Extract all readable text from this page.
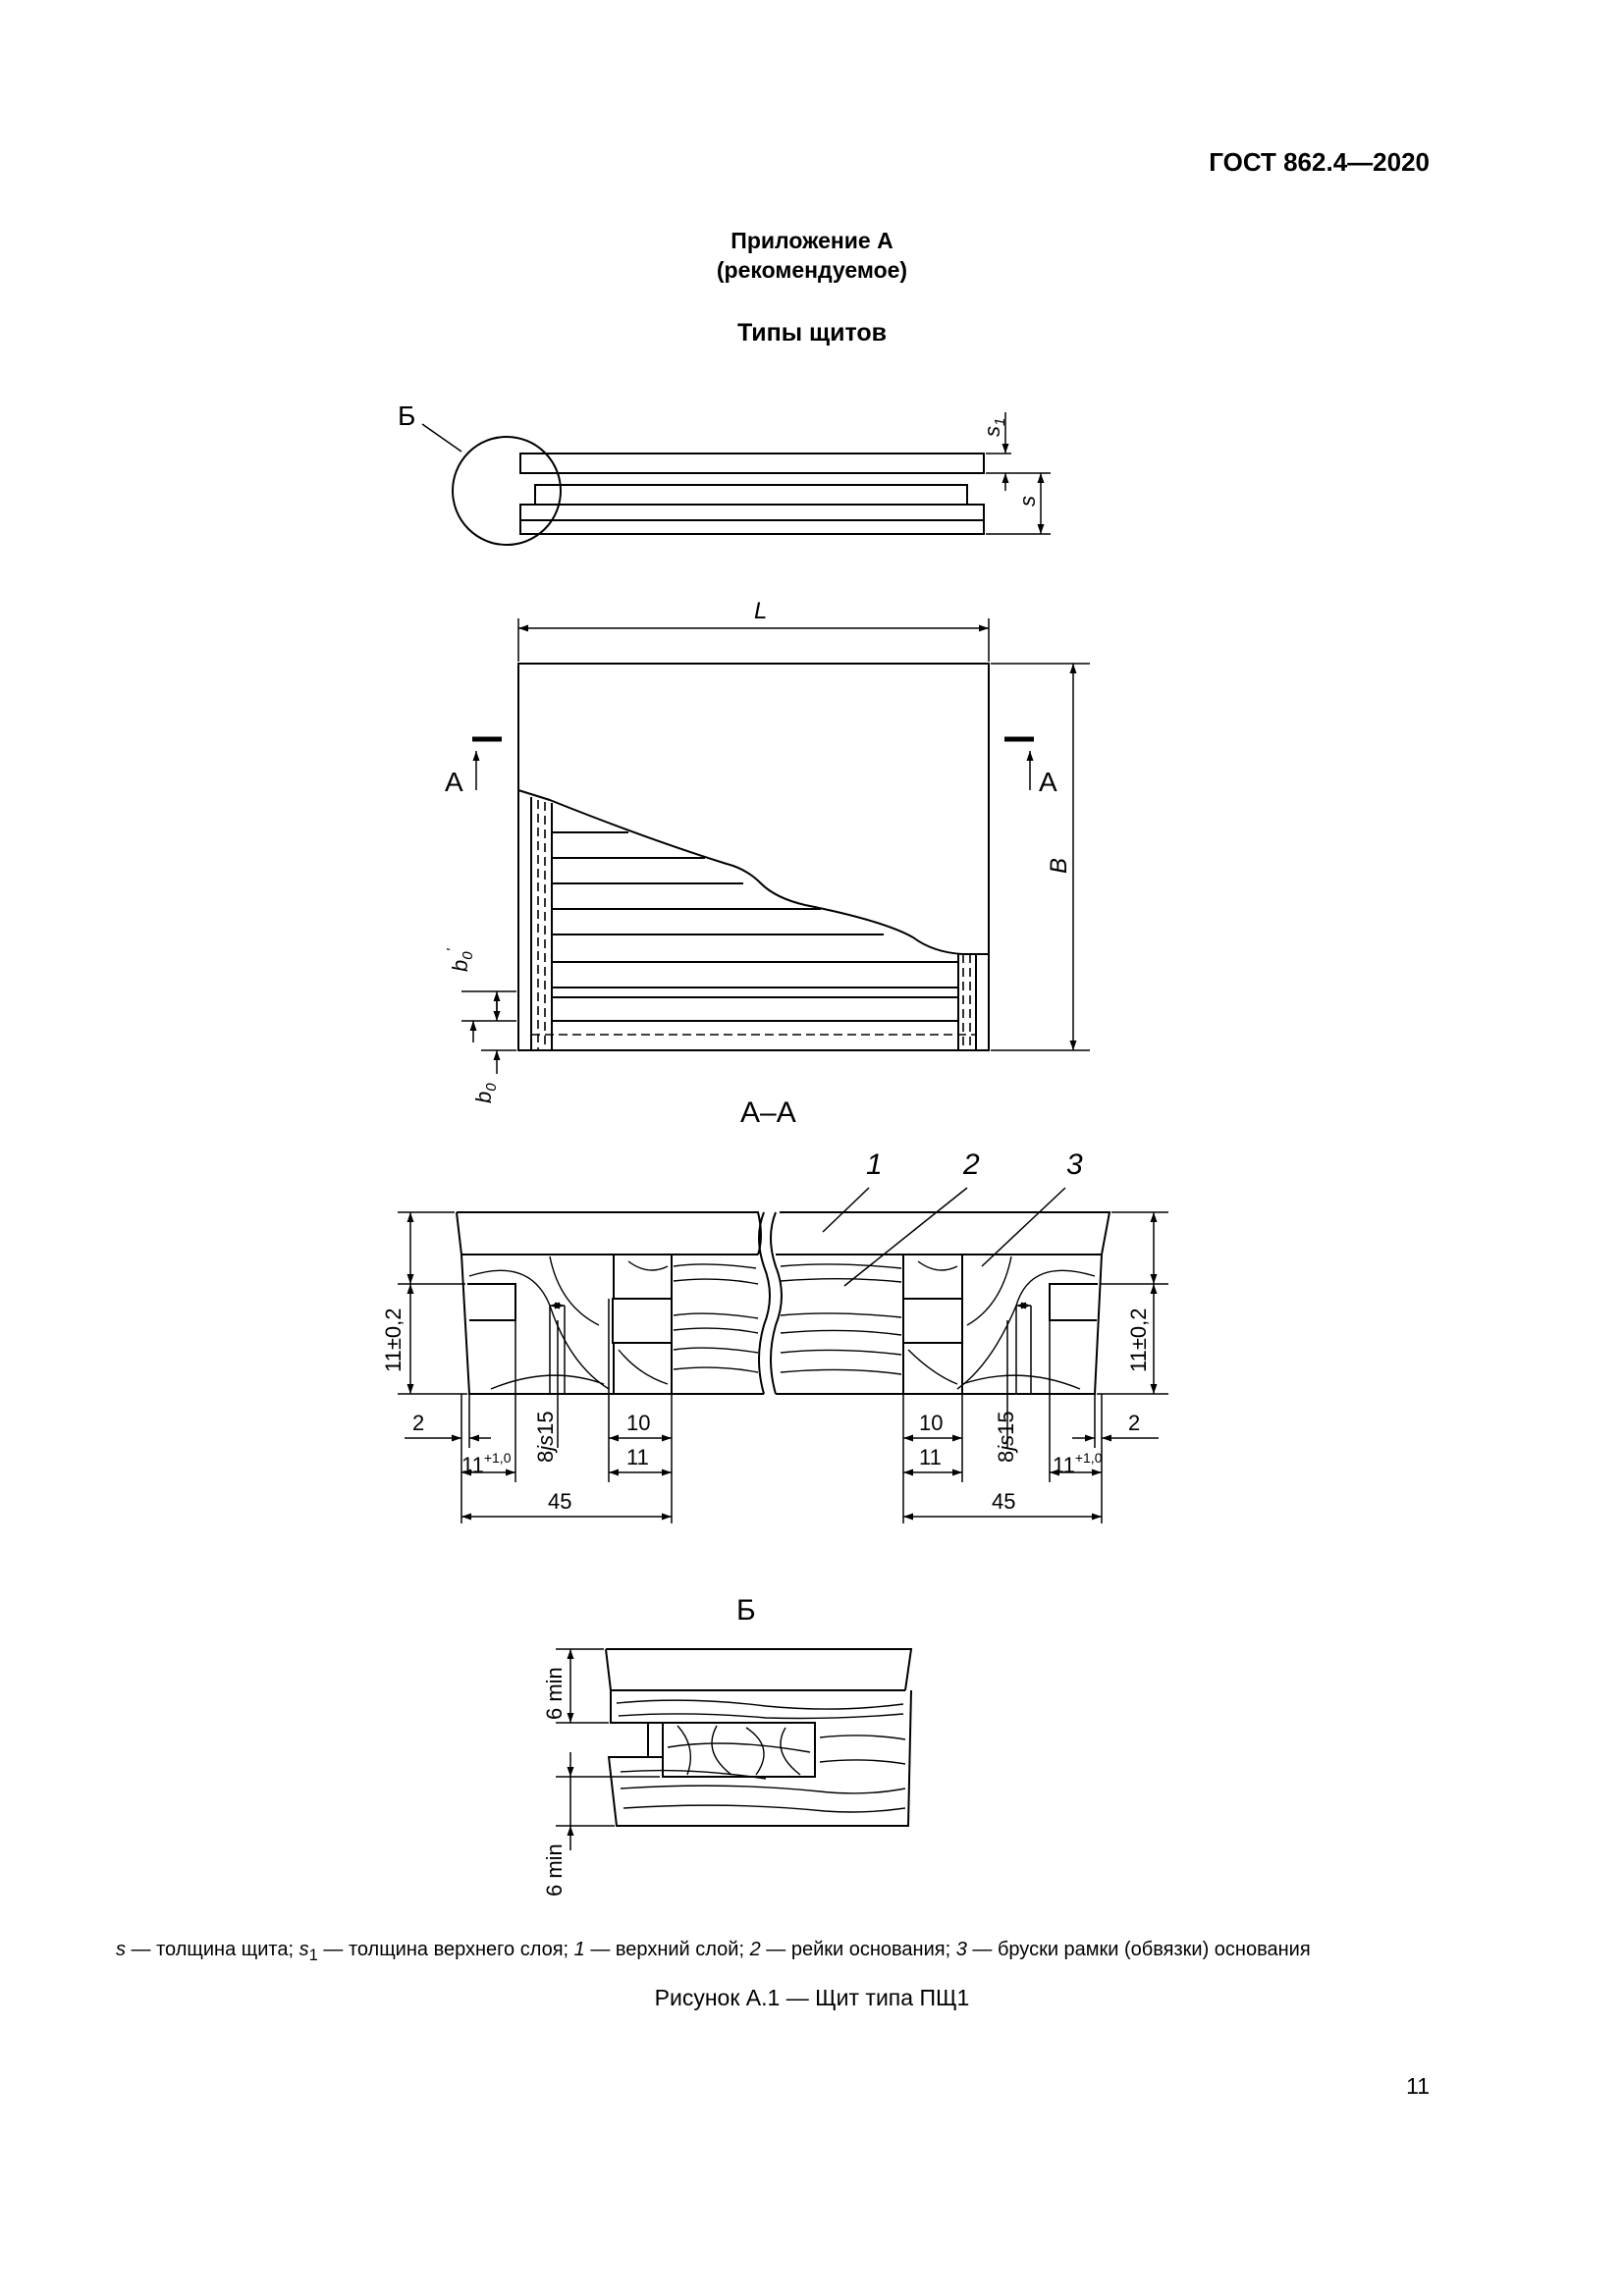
ГОСТ 862.4—2020
Приложение А
(рекомендуемое)
Типы щитов
Б
L
B
А	А
А–А
1	2	3
Б
$s_1$
s
$b_0'$
$b_0$
11±0,2	11±0,2
2	2
10	10
11	11
$11^{+1,0}$	$11^{+1,0}$
8js15
8js15
45	45
6 min
6 min
s — толщина щита; $s_1$ — толщина верхнего слоя; 1 — верхний слой; 2 — рейки основания; 3 — бруски рамки (обвязки) основания
Рисунок А.1 — Щит типа ПЩ1
11
